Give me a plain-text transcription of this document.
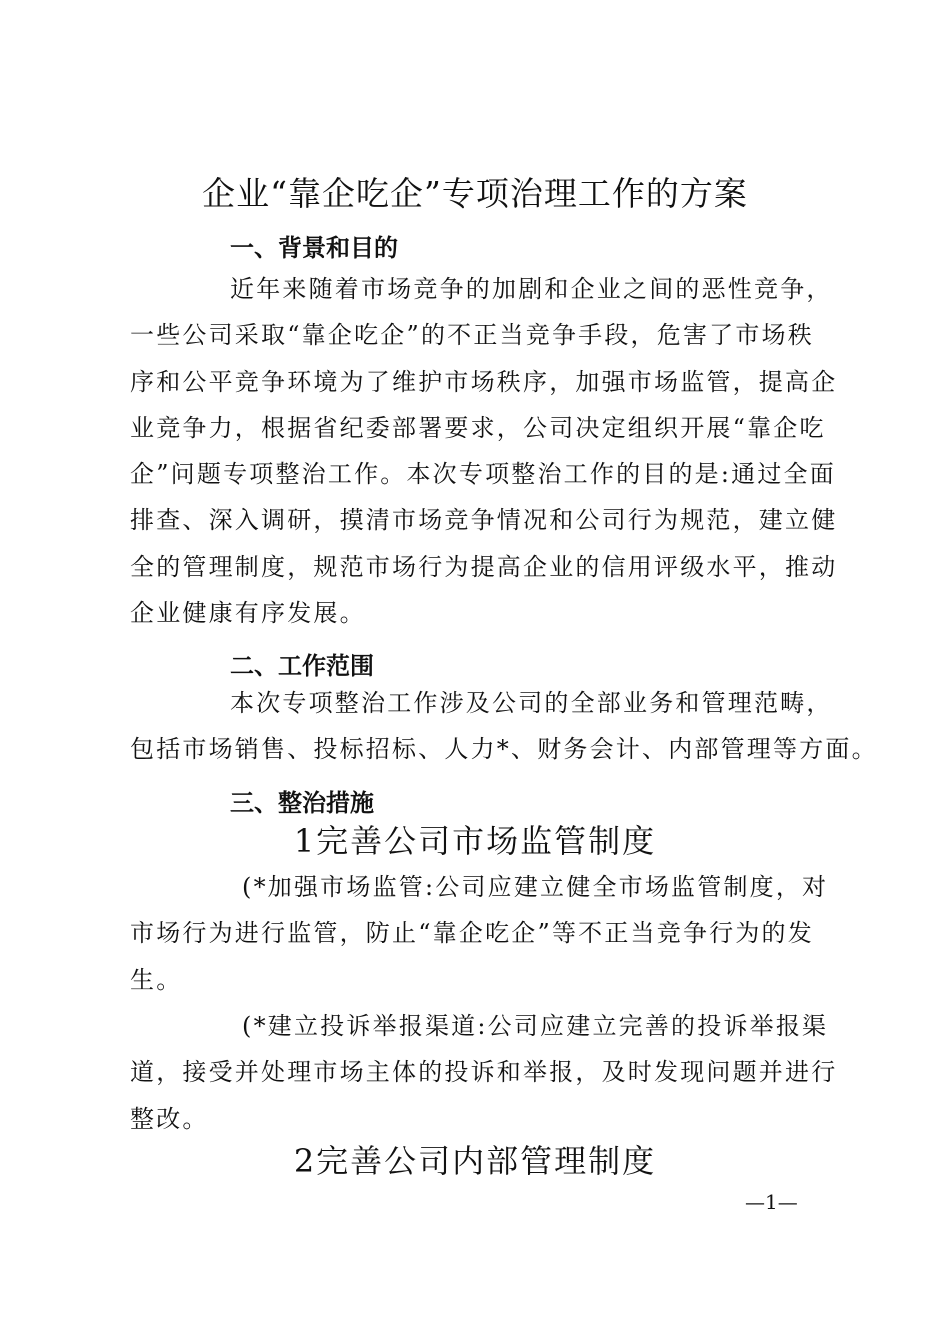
企业“靠企吃企”专项治理工作的方案
一、背景和目的
近年来随着市场竞争的加剧和企业之间的恶性竞争，
一些公司采取“靠企吃企”的不正当竞争手段，危害了市场秩
序和公平竞争环境为了维护市场秩序，加强市场监管，提高企
业竞争力，根据省纪委部署要求，公司决定组织开展“靠企吃
企”问题专项整治工作。本次专项整治工作的目的是:通过全面
排查、深入调研，摸清市场竞争情况和公司行为规范，建立健
全的管理制度，规范市场行为提高企业的信用评级水平，推动
企业健康有序发展。
二、工作范围
本次专项整治工作涉及公司的全部业务和管理范畴，
包括市场销售、投标招标、人力*、财务会计、内部管理等方面。
三、整治措施
1完善公司市场监管制度
(*加强市场监管:公司应建立健全市场监管制度，对
市场行为进行监管，防止“靠企吃企”等不正当竞争行为的发
生。
(*建立投诉举报渠道:公司应建立完善的投诉举报渠
道，接受并处理市场主体的投诉和举报，及时发现问题并进行
整改。
2完善公司内部管理制度
—1—
